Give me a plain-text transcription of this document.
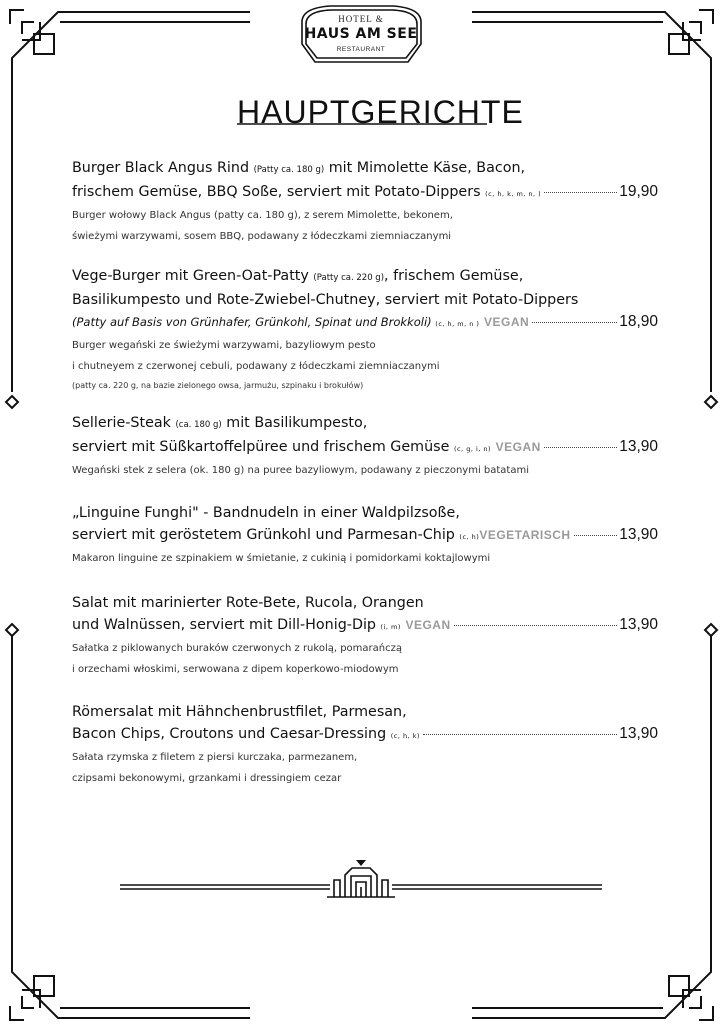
HOTEL &
HAUS AM SEE
RESTAURANT
HAUPTGERICHTE
Burger Black Angus Rind (Patty ca. 180 g) mit Mimolette Käse, Bacon,
frischem Gemüse, BBQ Soße, serviert mit Potato-Dippers (c, h, k, m, n, )	19,90
Burger wołowy Black Angus (patty ca. 180 g), z serem Mimolette, bekonem,
świeżymi warzywami, sosem BBQ, podawany z łódeczkami ziemniaczanymi
Vege-Burger mit Green-Oat-Patty (Patty ca. 220 g), frischem Gemüse,
Basilikumpesto und Rote-Zwiebel-Chutney, serviert mit Potato-Dippers
(Patty auf Basis von Grünhafer, Grünkohl, Spinat und Brokkoli) (c, h, m, n ) VEGAN	18,90
Burger wegański ze świeżymi warzywami, bazyliowym pesto
i chutneyem z czerwonej cebuli, podawany z łódeczkami ziemniaczanymi
(patty ca. 220 g, na bazie zielonego owsa, jarmużu, szpinaku i brokułów)
Sellerie-Steak (ca. 180 g) mit Basilikumpesto,
serviert mit Süßkartoffelpüree und frischem Gemüse (c, g, i, n) VEGAN	13,90
Wegański stek z selera (ok. 180 g) na puree bazyliowym, podawany z pieczonymi batatami
„Linguine Funghi" - Bandnudeln in einer Waldpilzsoße,
serviert mit geröstetem Grünkohl und Parmesan-Chip (c, h)VEGETARISCH	13,90
Makaron linguine ze szpinakiem w śmietanie, z cukinią i pomidorkami koktajlowymi
Salat mit marinierter Rote-Bete, Rucola, Orangen
und Walnüssen, serviert mit Dill-Honig-Dip (i, m) VEGAN	13,90
Sałatka z piklowanych buraków czerwonych z rukolą, pomarańczą
i orzechami włoskimi, serwowana z dipem koperkowo-miodowym
Römersalat mit Hähnchenbrustfilet, Parmesan,
Bacon Chips, Croutons und Caesar-Dressing (c, h, k)	13,90
Sałata rzymska z filetem z piersi kurczaka, parmezanem,
czipsami bekonowymi, grzankami i dressingiem cezar
